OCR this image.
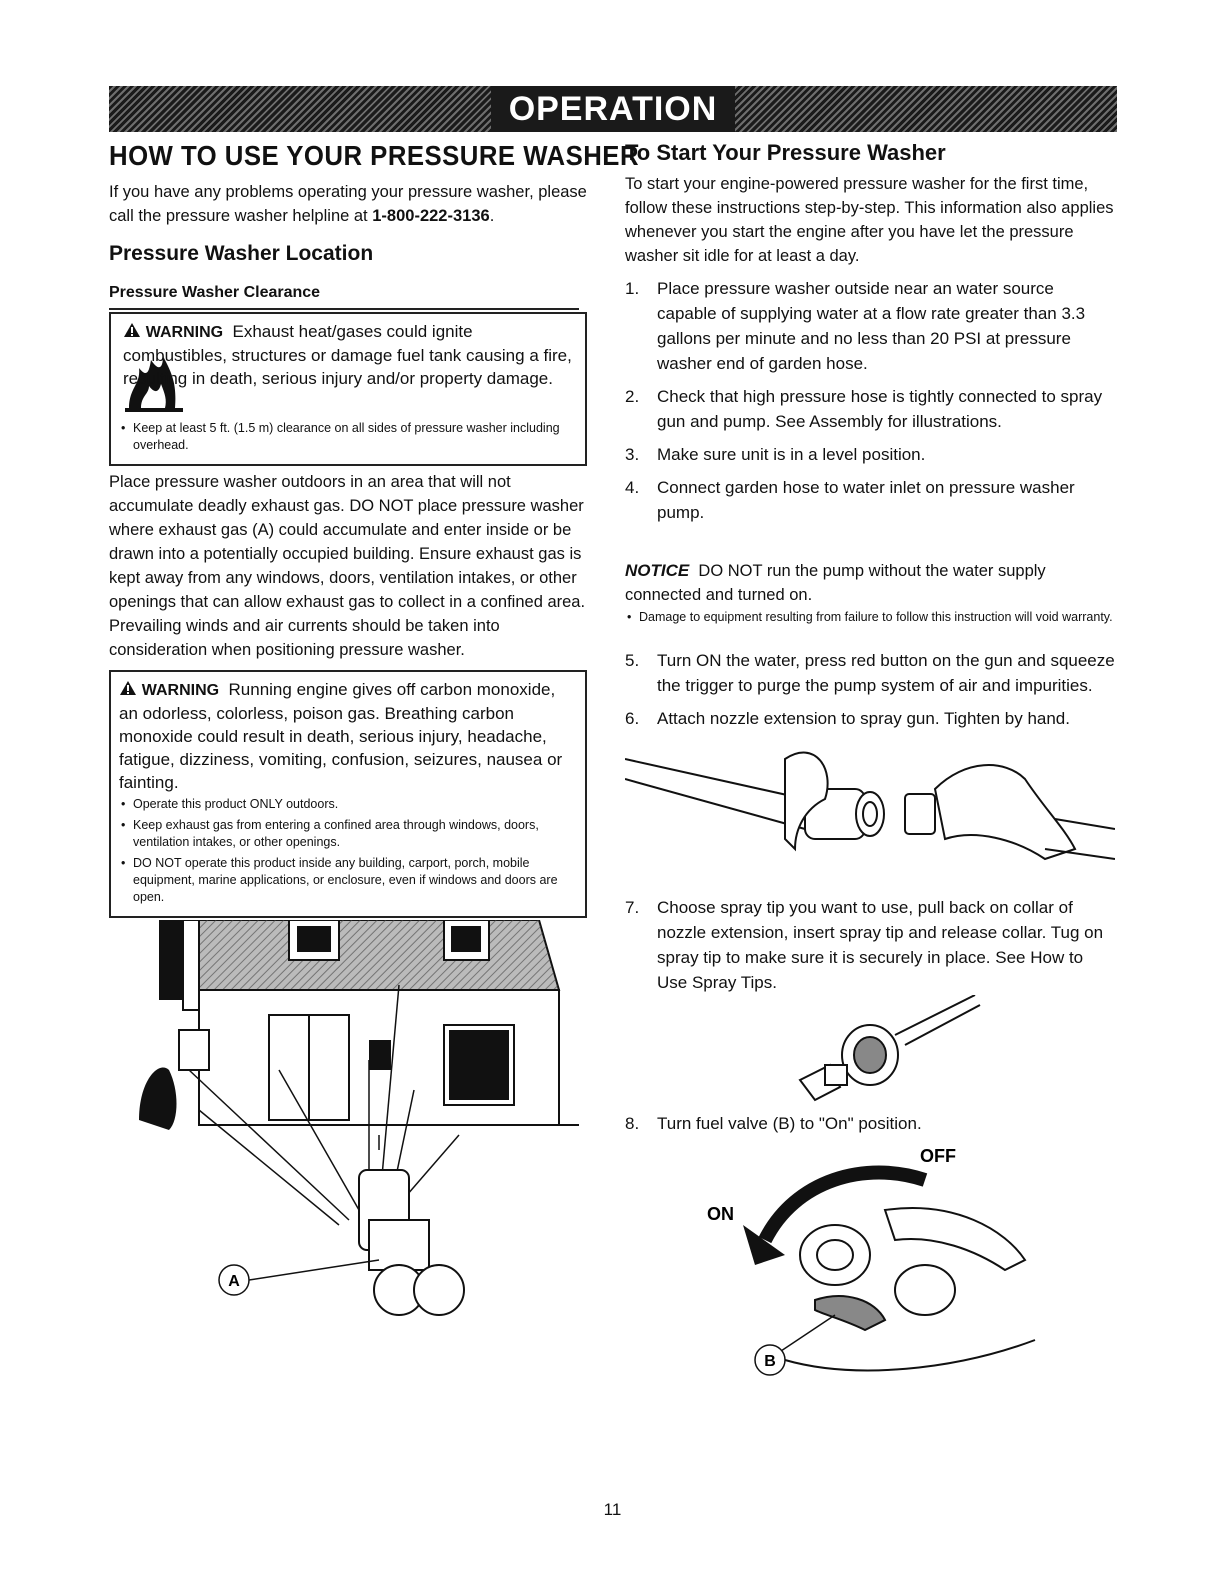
OPERATION
HOW TO USE YOUR PRESSURE WASHER

If you have any problems operating your pressure washer, please call the pressure washer helpline at 1-800-222-3136.

Pressure Washer Location
Pressure Washer Clearance
WARNING Exhaust heat/gases could ignite combustibles, structures or damage fuel tank causing a fire, resulting in death, serious injury and/or property damage.
• Keep at least 5 ft. (1.5 m) clearance on all sides of pressure washer including overhead.

Place pressure washer outdoors in an area that will not accumulate deadly exhaust gas. DO NOT place pressure washer where exhaust gas (A) could accumulate and enter inside or be drawn into a potentially occupied building. Ensure exhaust gas is kept away from any windows, doors, ventilation intakes, or other openings that can allow exhaust gas to collect in a confined area. Prevailing winds and air currents should be taken into consideration when positioning pressure washer.

WARNING Running engine gives off carbon monoxide, an odorless, colorless, poison gas. Breathing carbon monoxide could result in death, serious injury, headache, fatigue, dizziness, vomiting, confusion, seizures, nausea or fainting.
• Operate this product ONLY outdoors.
• Keep exhaust gas from entering a confined area through windows, doors, ventilation intakes, or other openings.
• DO NOT operate this product inside any building, carport, porch, mobile equipment, marine applications, or enclosure, even if windows and doors are open.
A
To Start Your Pressure Washer

To start your engine-powered pressure washer for the first time, follow these instructions step-by-step. This information also applies whenever you start the engine after you have let the pressure washer sit idle for at least a day.

1.	Place pressure washer outside near an water source capable of supplying water at a flow rate greater than 3.3 gallons per minute and no less than 20 PSI at pressure washer end of garden hose.
2.	Check that high pressure hose is tightly connected to spray gun and pump. See Assembly for illustrations.
3.	Make sure unit is in a level position.
4.	Connect garden hose to water inlet on pressure washer pump.

NOTICE DO NOT run the pump without the water supply connected and turned on.

• Damage to equipment resulting from failure to follow this instruction will void warranty.
5.	Turn ON the water, press red button on the gun and squeeze the trigger to purge the pump system of air and impurities.
6.	Attach nozzle extension to spray gun. Tighten by hand.
7.	Choose spray tip you want to use, pull back on collar of nozzle extension, insert spray tip and release collar. Tug on spray tip to make sure it is securely in place. See How to Use Spray Tips.
8.	Turn fuel valve (B) to "On" position.
OFF
ON
B
11
